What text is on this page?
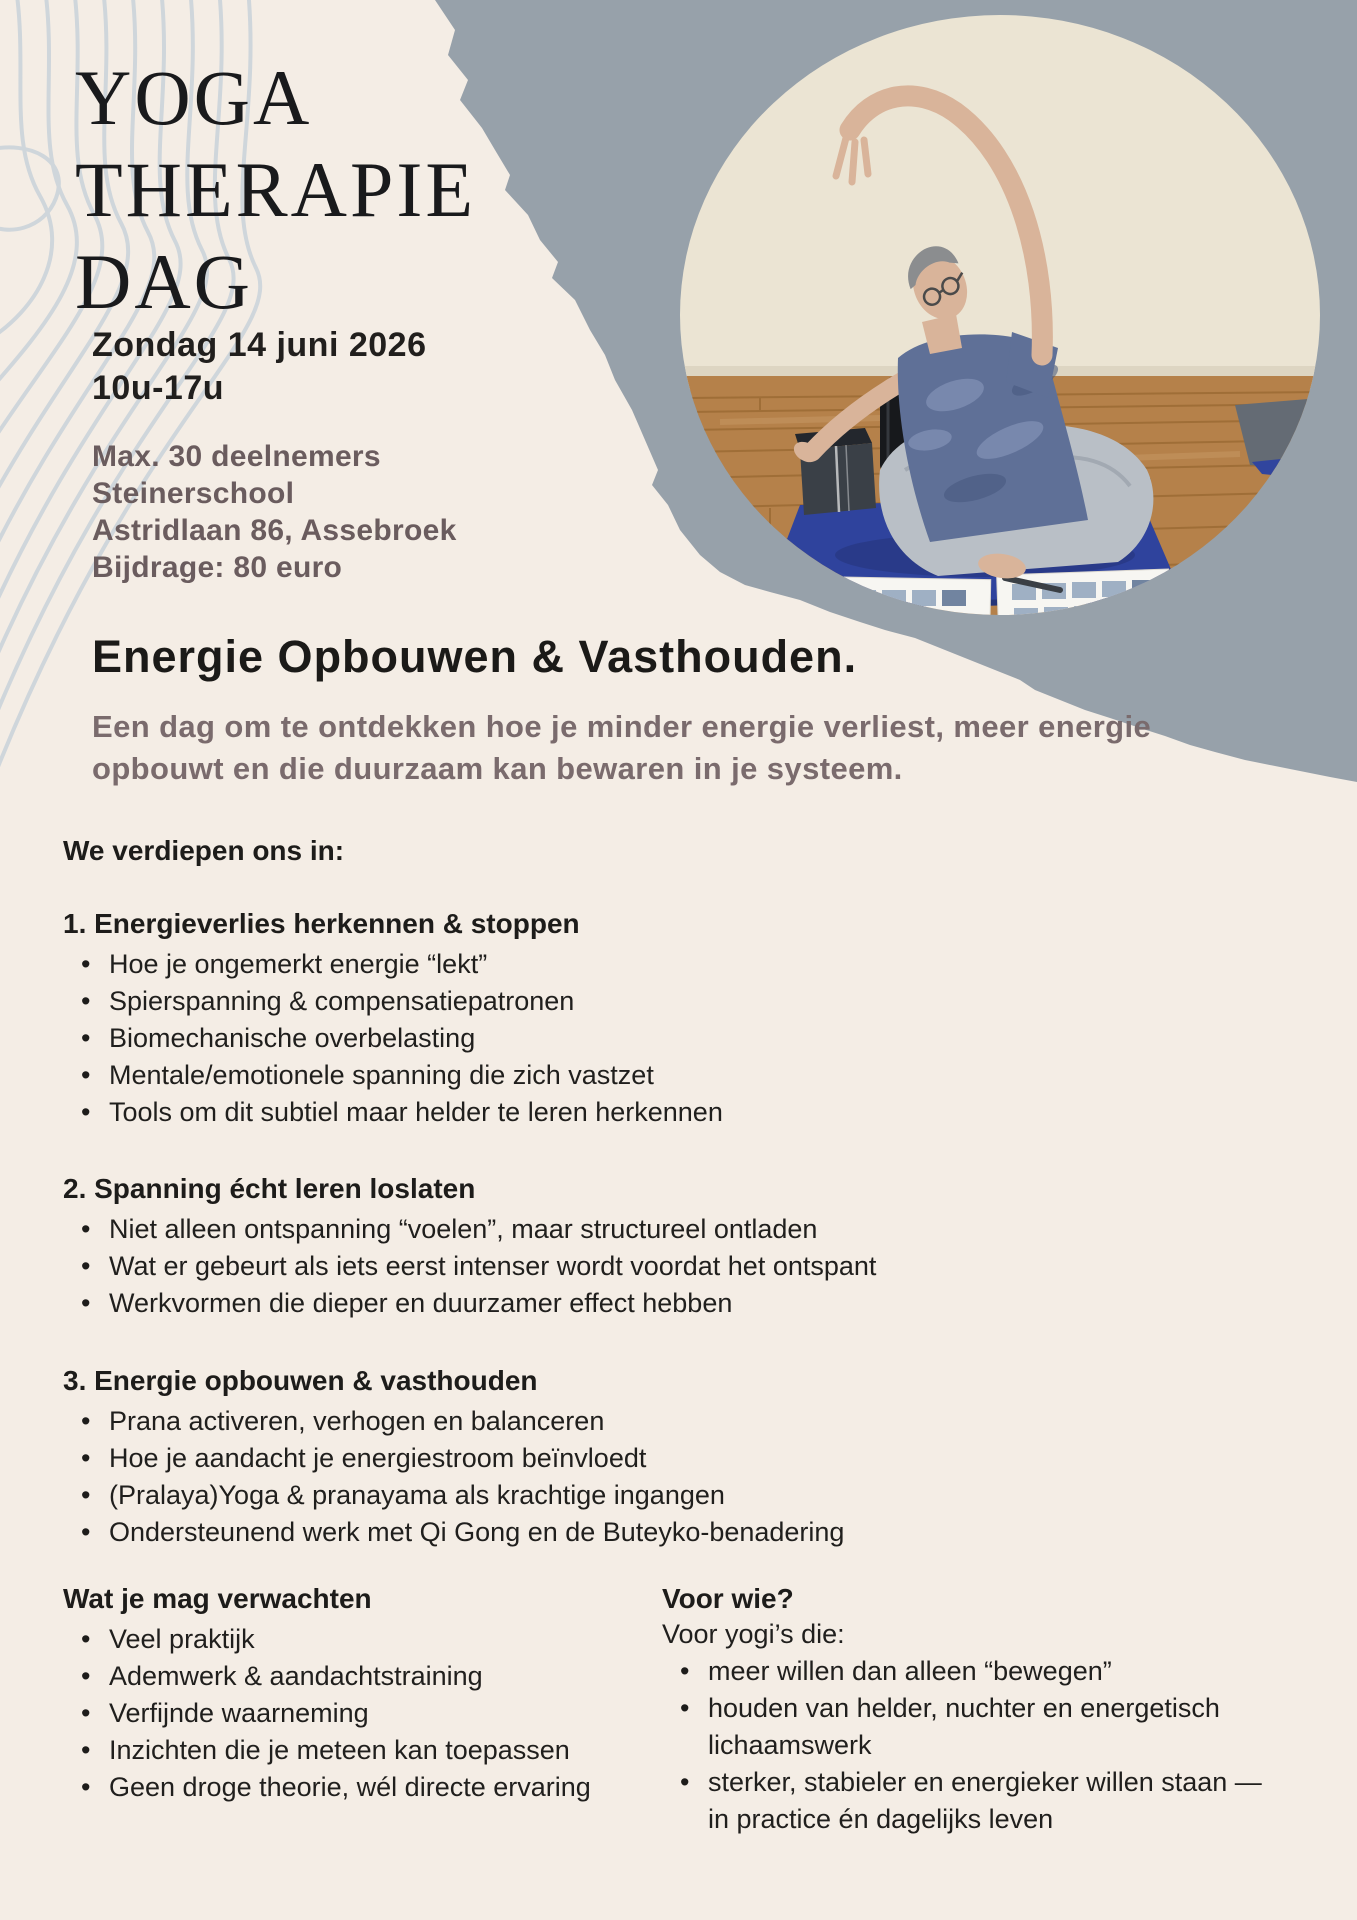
YOGA
THERAPIE
DAG
Zondag 14 juni 2026
10u-17u
Max. 30 deelnemers
Steinerschool
Astridlaan 86, Assebroek
Bijdrage: 80 euro
Energie Opbouwen & Vasthouden.
Een dag om te ontdekken hoe je minder energie verliest, meer energie opbouwt en die duurzaam kan bewaren in je systeem.
We verdiepen ons in:
1. Energieverlies herkennen & stoppen
• Hoe je ongemerkt energie “lekt”
• Spierspanning & compensatiepatronen
• Biomechanische overbelasting
• Mentale/emotionele spanning die zich vastzet
• Tools om dit subtiel maar helder te leren herkennen
2. Spanning écht leren loslaten
• Niet alleen ontspanning “voelen”, maar structureel ontladen
• Wat er gebeurt als iets eerst intenser wordt voordat het ontspant
• Werkvormen die dieper en duurzamer effect hebben
3. Energie opbouwen & vasthouden
• Prana activeren, verhogen en balanceren
• Hoe je aandacht je energiestroom beïnvloedt
• (Pralaya)Yoga & pranayama als krachtige ingangen
• Ondersteunend werk met Qi Gong en de Buteyko-benadering
Wat je mag verwachten
• Veel praktijk
• Ademwerk & aandachtstraining
• Verfijnde waarneming
• Inzichten die je meteen kan toepassen
• Geen droge theorie, wél directe ervaring
Voor wie?
Voor yogi’s die:
• meer willen dan alleen “bewegen”
• houden van helder, nuchter en energetisch lichaamswerk
• sterker, stabieler en energieker willen staan — in practice én dagelijks leven
